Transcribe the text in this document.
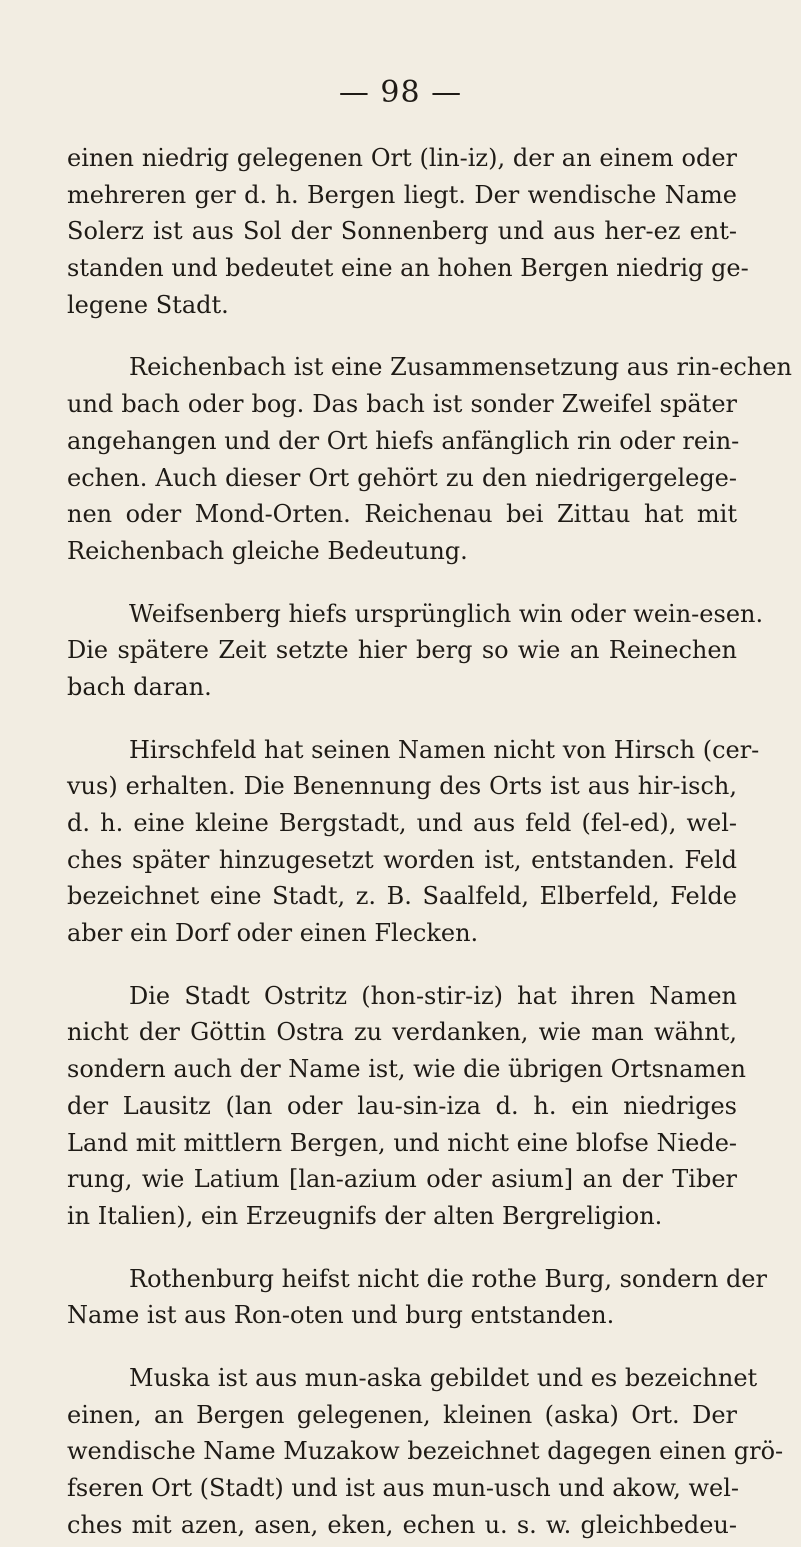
— 98 —
einen niedrig gelegenen Ort (lin-iz), der an einem oder
mehreren ger d. h. Bergen liegt. Der wendische Name
Solerz ist aus Sol der Sonnenberg und aus her-ez ent-
standen und bedeutet eine an hohen Bergen niedrig ge-
legene Stadt.
Reichenbach ist eine Zusammensetzung aus rin-echen
und bach oder bog. Das bach ist sonder Zweifel später
angehangen und der Ort hiefs anfänglich rin oder rein-
echen. Auch dieser Ort gehört zu den niedrigergelege-
nen oder Mond-Orten. Reichenau bei Zittau hat mit
Reichenbach gleiche Bedeutung.
Weifsenberg hiefs ursprünglich win oder wein-esen.
Die spätere Zeit setzte hier berg so wie an Reinechen
bach daran.
Hirschfeld hat seinen Namen nicht von Hirsch (cer-
vus) erhalten. Die Benennung des Orts ist aus hir-isch,
d. h. eine kleine Bergstadt, und aus feld (fel-ed), wel-
ches später hinzugesetzt worden ist, entstanden. Feld
bezeichnet eine Stadt, z. B. Saalfeld, Elberfeld, Felde
aber ein Dorf oder einen Flecken.
Die Stadt Ostritz (hon-stir-iz) hat ihren Namen
nicht der Göttin Ostra zu verdanken, wie man wähnt,
sondern auch der Name ist, wie die übrigen Ortsnamen
der Lausitz (lan oder lau-sin-iza d. h. ein niedriges
Land mit mittlern Bergen, und nicht eine blofse Niede-
rung, wie Latium [lan-azium oder asium] an der Tiber
in Italien), ein Erzeugnifs der alten Bergreligion.
Rothenburg heifst nicht die rothe Burg, sondern der
Name ist aus Ron-oten und burg entstanden.
Muska ist aus mun-aska gebildet und es bezeichnet
einen, an Bergen gelegenen, kleinen (aska) Ort. Der
wendische Name Muzakow bezeichnet dagegen einen grö-
fseren Ort (Stadt) und ist aus mun-usch und akow, wel-
ches mit azen, asen, eken, echen u. s. w. gleichbedeu-
